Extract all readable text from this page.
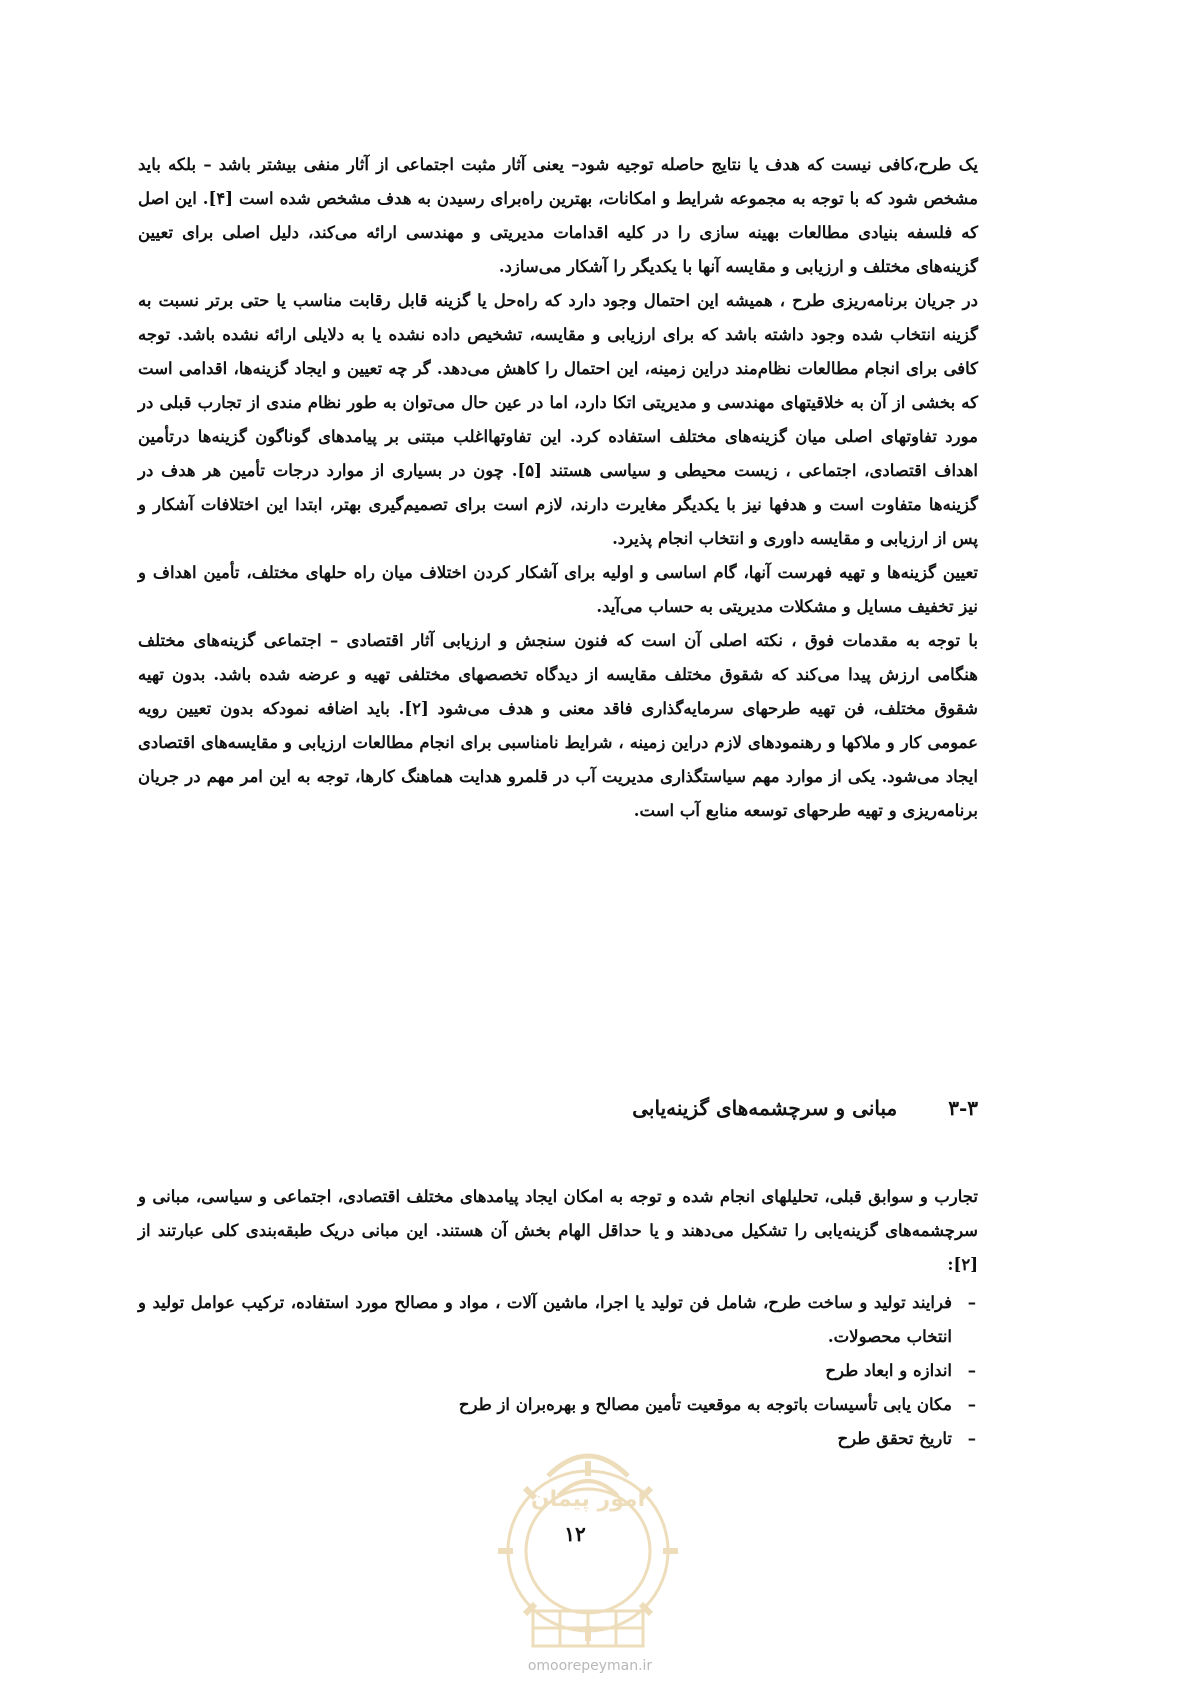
یک طرح،کافی نیست که هدف یا نتایج حاصله توجیه شود– یعنی آثار مثبت اجتماعی از آثار منفی بیشتر باشد – بلکه باید مشخص شود که با توجه به مجموعه شرایط و امکانات، بهترین راه‌برای رسیدن به هدف مشخص شده است [۴]. این اصل که فلسفه بنیادی مطالعات بهینه سازی را در کلیه اقدامات مدیریتی و مهندسی ارائه می‌کند، دلیل اصلی برای تعیین گزینه‌های مختلف و ارزیابی و مقایسه آنها با یکدیگر را آشکار می‌سازد.

در جریان برنامه‌ریزی طرح ، همیشه این احتمال وجود دارد که راه‌حل یا گزینه قابل رقابت مناسب یا حتی برتر نسبت به گزینه انتخاب شده وجود داشته باشد که برای ارزیابی و مقایسه، تشخیص داده نشده یا به دلایلی ارائه نشده باشد. توجه کافی برای انجام مطالعات نظام‌مند دراین زمینه، این احتمال را کاهش می‌دهد. گر چه تعیین و ایجاد گزینه‌ها، اقدامی است که بخشی از آن به خلاقیتهای مهندسی و مدیریتی اتکا دارد، اما در عین حال می‌توان به طور نظام مندی از تجارب قبلی در مورد تفاوتهای اصلی میان گزینه‌های مختلف استفاده کرد. این تفاوتهااغلب مبتنی بر پیامدهای گوناگون گزینه‌ها درتأمین اهداف اقتصادی، اجتماعی ، زیست محیطی و سیاسی هستند [۵]. چون در بسیاری از موارد درجات تأمین هر هدف در گزینه‌ها متفاوت است و هدفها نیز با یکدیگر مغایرت دارند، لازم است برای تصمیم‌گیری بهتر، ابتدا این اختلافات آشکار و پس از ارزیابی و مقایسه داوری و انتخاب انجام پذیرد.

تعیین گزینه‌ها و تهیه فهرست آنها، گام اساسی و اولیه برای آشکار کردن اختلاف میان راه حلهای مختلف، تأمین اهداف و نیز تخفیف مسایل و مشکلات مدیریتی به حساب می‌آید.

با توجه به مقدمات فوق ، نکته اصلی آن است که فنون سنجش و ارزیابی آثار اقتصادی – اجتماعی گزینه‌های مختلف هنگامی ارزش پیدا می‌کند که شقوق مختلف مقایسه از دیدگاه تخصصهای مختلفی تهیه و عرضه شده باشد. بدون تهیه شقوق مختلف، فن تهیه طرحهای سرمایه‌گذاری فاقد معنی و هدف می‌شود [۲]. باید اضافه نمودکه بدون تعیین رویه عمومی کار و ملاکها و رهنمودهای لازم دراین زمینه ، شرایط نامناسبی برای انجام مطالعات ارزیابی و مقایسه‌های اقتصادی ایجاد می‌شود. یکی از موارد مهم سیاستگذاری مدیریت آب در قلمرو هدایت هماهنگ کارها، توجه به این امر مهم در جریان برنامه‌ریزی و تهیه طرحهای توسعه منابع آب است.

۳-۳ مبانی و سرچشمه‌های گزینه‌یابی

تجارب و سوابق قبلی، تحلیلهای انجام شده و توجه به امکان ایجاد پیامدهای مختلف اقتصادی، اجتماعی و سیاسی، مبانی و سرچشمه‌های گزینه‌یابی را تشکیل می‌دهند و یا حداقل الهام بخش آن هستند. این مبانی دریک طبقه‌بندی کلی عبارتند از [۲]:

–
فرایند تولید و ساخت طرح، شامل فن تولید یا اجرا، ماشین آلات ، مواد و مصالح مورد استفاده، ترکیب عوامل تولید و انتخاب محصولات.
–
اندازه و ابعاد طرح
–
مکان یابی تأسیسات باتوجه به موقعیت تأمین مصالح و بهره‌بران از طرح
–
تاریخ تحقق طرح
امور پیمان
۱۲
omoorepeyman.ir
